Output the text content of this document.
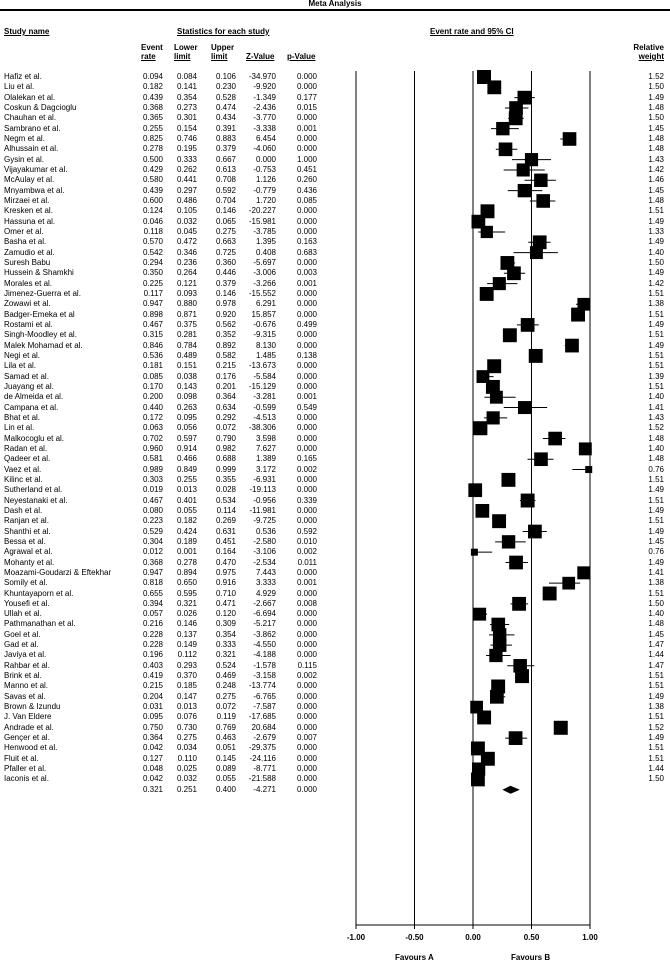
Meta Analysis
Study name	Statistics for each study	Event rate and 95% CI
Event
rate
Lower
limit
Upper
limit	Z-Value p-Value
Relative
weight
Hafiz et al.	0.094 0.084 0.106 -34.970	0.000	1.52
Liu et al.	0.182 0.141 0.230 -9.920	0.000	1.50
Olalekan et al.	0.439 0.354 0.528 -1.349	0.177	1.49
Coskun & Dagcioglu	0.368 0.273 0.474 -2.436	0.015	1.48
Chauhan et al.	0.365 0.301 0.434 -3.770	0.000	1.50
Sambrano et al.	0.255 0.154 0.391 -3.338	0.001	1.45
Negm et al.	0.825 0.746 0.883 6.454	0.000	1.48
Alhussain et al.	0.278 0.195 0.379 -4.060	0.000	1.48
Gysin et al.	0.500 0.333 0.667 0.000	1.000	1.43
Vijayakumar et al.	0.429 0.262 0.613 -0.753	0.451	1.42
McAulay et al.	0.580 0.441 0.708 1.126	0.260	1.46
Mnyambwa et al.	0.439 0.297 0.592 -0.779	0.436	1.45
Mirzaei et al.	0.600 0.486 0.704 1.720	0.085	1.48
Kresken et al.	0.124 0.105 0.146 -20.227	0.000	1.51
Hassuna et al.	0.046 0.032 0.065 -15.981	0.000	1.49
Omer et al.	0.118 0.045 0.275 -3.785	0.000	1.33
Basha et al.	0.570 0.472 0.663 1.395	0.163	1.49
Zamudio et al.	0.542 0.346 0.725 0.408	0.683	1.40
Suresh Babu	0.294 0.236 0.360 -5.697	0.000	1.50
Hussein & Shamkhi	0.350 0.264 0.446 -3.006	0.003	1.49
Morales et al.	0.225 0.121 0.379 -3.266	0.001	1.42
Jimenez-Guerra et al.	0.117 0.093 0.146 -15.552	0.000	1.51
Zowawi et al.	0.947 0.880 0.978 6.291	0.000	1.38
Badger-Emeka et al	0.898 0.871 0.920 15.857	0.000	1.51
Rostami et al.	0.467 0.375 0.562 -0.676	0.499	1.49
Singh-Moodley et al.	0.315 0.281 0.352 -9.315	0.000	1.51
Malek Mohamad et al.	0.846 0.784 0.892 8.130	0.000	1.49
Negi et al.	0.536 0.489 0.582 1.485	0.138	1.51
Lila et al.	0.181 0.151 0.215 -13.673	0.000	1.51
Samad et al.	0.085 0.038 0.176 -5.584	0.000	1.39
Juayang et al.	0.170 0.143 0.201 -15.129	0.000	1.51
de Almeida et al.	0.200 0.098 0.364 -3.281	0.001	1.40
Campana et al.	0.440 0.263 0.634 -0.599	0.549	1.41
Bhat et al.	0.172 0.095 0.292 -4.513	0.000	1.43
Lin et al.	0.063 0.056 0.072 -38.306	0.000	1.52
Malkocoglu et al.	0.702 0.597 0.790 3.598	0.000	1.48
Radan et al.	0.960 0.914 0.982 7.627	0.000	1.40
Qadeer et al.	0.581 0.466 0.688 1.389	0.165	1.48
Vaez et al.	0.989 0.849 0.999 3.172	0.002	0.76
Kilinc et al.	0.303 0.255 0.355 -6.931	0.000	1.51
Sutherland et al.	0.019 0.013 0.028 -19.113	0.000	1.49
Neyestanaki et al.	0.467 0.401 0.534 -0.956	0.339	1.51
Dash et al.	0.080 0.055 0.114 -11.981	0.000	1.49
Ranjan et al.	0.223 0.182 0.269 -9.725	0.000	1.51
Shanthi et al.	0.529 0.424 0.631 0.536	0.592	1.49
Bessa et al.	0.304 0.189 0.451 -2.580	0.010	1.45
Agrawal et al.	0.012 0.001 0.164 -3.106	0.002	0.76
Mohanty et al.	0.368 0.278 0.470 -2.534	0.011	1.49
Moazami-Goudarzi & Eftekhar	0.947 0.894 0.975 7.443	0.000	1.41
Somily et al.	0.818 0.650 0.916 3.333	0.001	1.38
Khuntayaporn et al.	0.655 0.595 0.710 4.929	0.000	1.51
Yousefi et al.	0.394 0.321 0.471 -2.667	0.008	1.50
Ullah et al.	0.057 0.026 0.120 -6.694	0.000	1.40
Pathmanathan et al.	0.216 0.146 0.309 -5.217	0.000	1.48
Goel et al.	0.228 0.137 0.354 -3.862	0.000	1.45
Gad et al.	0.228 0.149 0.333 -4.550	0.000	1.47
Javiya et al.	0.196 0.112 0.321 -4.188	0.000	1.44
Rahbar et al.	0.403 0.293 0.524 -1.578	0.115	1.47
Brink et al.	0.419 0.370 0.469 -3.158	0.002	1.51
Manno et al.	0.215 0.185 0.248 -13.774	0.000	1.51
Savas et al.	0.204 0.147 0.275 -6.765	0.000	1.49
Brown & Izundu	0.031 0.013 0.072 -7.587	0.000	1.38
J. Van Eldere	0.095 0.076 0.119 -17.685	0.000	1.51
Andrade et al.	0.750 0.730 0.769 20.684	0.000	1.52
Gençer et al.	0.364 0.275 0.463 -2.679	0.007	1.49
Henwood et al.	0.042 0.034 0.051 -29.375	0.000	1.51
Fluit et al.	0.127 0.110 0.145 -24.116	0.000	1.51
Pfaller et al.	0.048 0.025 0.089 -8.771	0.000	1.44
Iaconis et al.	0.042 0.032 0.055 -21.588	0.000	1.50
0.321 0.251 0.400 -4.271	0.000
-1.00	-0.50	0.00	0.50	1.00
Favours A	Favours B
